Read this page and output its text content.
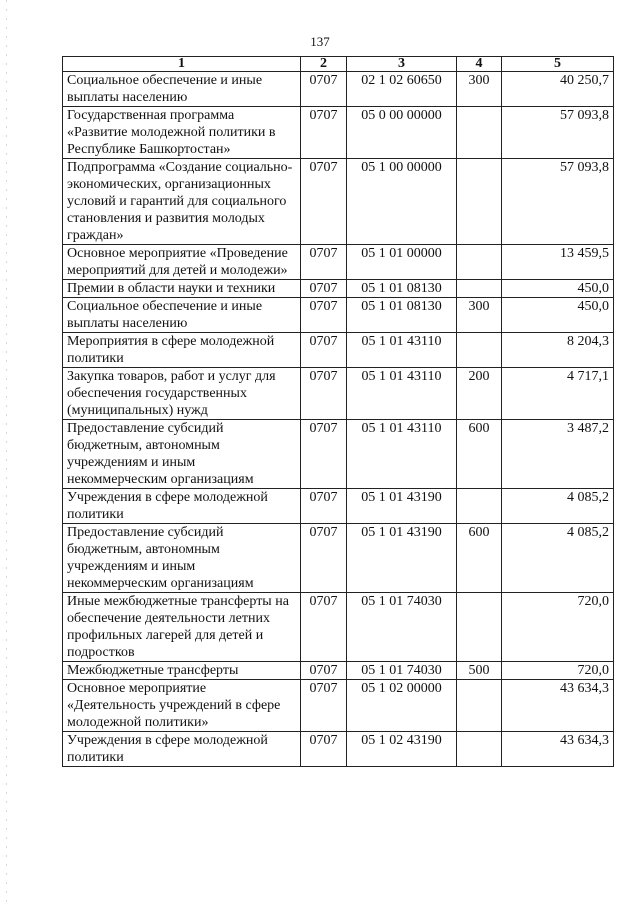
137
1	2	3	4	5
Социальное обеспечение и иные выплаты населению	0707	02 1 02 60650	300	40 250,7
Государственная программа «Развитие молодежной политики в Республике Башкортостан»	0707	05 0 00 00000		57 093,8
Подпрограмма «Создание социально-экономических, организационных условий и гарантий для социального становления и развития молодых граждан»	0707	05 1 00 00000		57 093,8
Основное мероприятие «Проведение мероприятий для детей и молодежи»	0707	05 1 01 00000		13 459,5
Премии в области науки и техники	0707	05 1 01 08130		450,0
Социальное обеспечение и иные выплаты населению	0707	05 1 01 08130	300	450,0
Мероприятия в сфере молодежной политики	0707	05 1 01 43110		8 204,3
Закупка товаров, работ и услуг для обеспечения государственных (муниципальных) нужд	0707	05 1 01 43110	200	4 717,1
Предоставление субсидий бюджетным, автономным учреждениям и иным некоммерческим организациям	0707	05 1 01 43110	600	3 487,2
Учреждения в сфере молодежной политики	0707	05 1 01 43190		4 085,2
Предоставление субсидий бюджетным, автономным учреждениям и иным некоммерческим организациям	0707	05 1 01 43190	600	4 085,2
Иные межбюджетные трансферты на обеспечение деятельности летних профильных лагерей для детей и подростков	0707	05 1 01 74030		720,0
Межбюджетные трансферты	0707	05 1 01 74030	500	720,0
Основное мероприятие «Деятельность учреждений в сфере молодежной политики»	0707	05 1 02 00000		43 634,3
Учреждения в сфере молодежной политики	0707	05 1 02 43190		43 634,3
